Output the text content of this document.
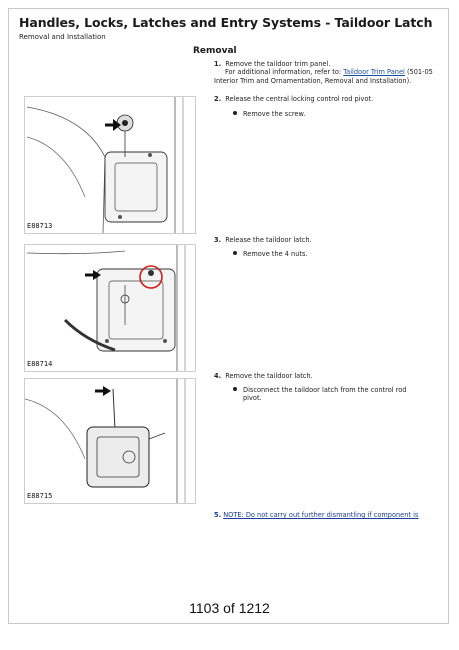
Handles, Locks, Latches and Entry Systems - Taildoor Latch
Removal and Installation
Removal
1. Remove the taildoor trim panel.
For additional information, refer to: Taildoor Trim Panel (501-05 Interior Trim and Ornamentation, Removal and Installation).
2. Release the central locking control rod pivot.
Remove the screw.
3. Release the taildoor latch.
Remove the 4 nuts.
4. Remove the taildoor latch.
Disconnect the taildoor latch from the control rod pivot.
5. NOTE: Do not carry out further dismantling if component is
E88713
E88714
E88715
1103 of 1212
